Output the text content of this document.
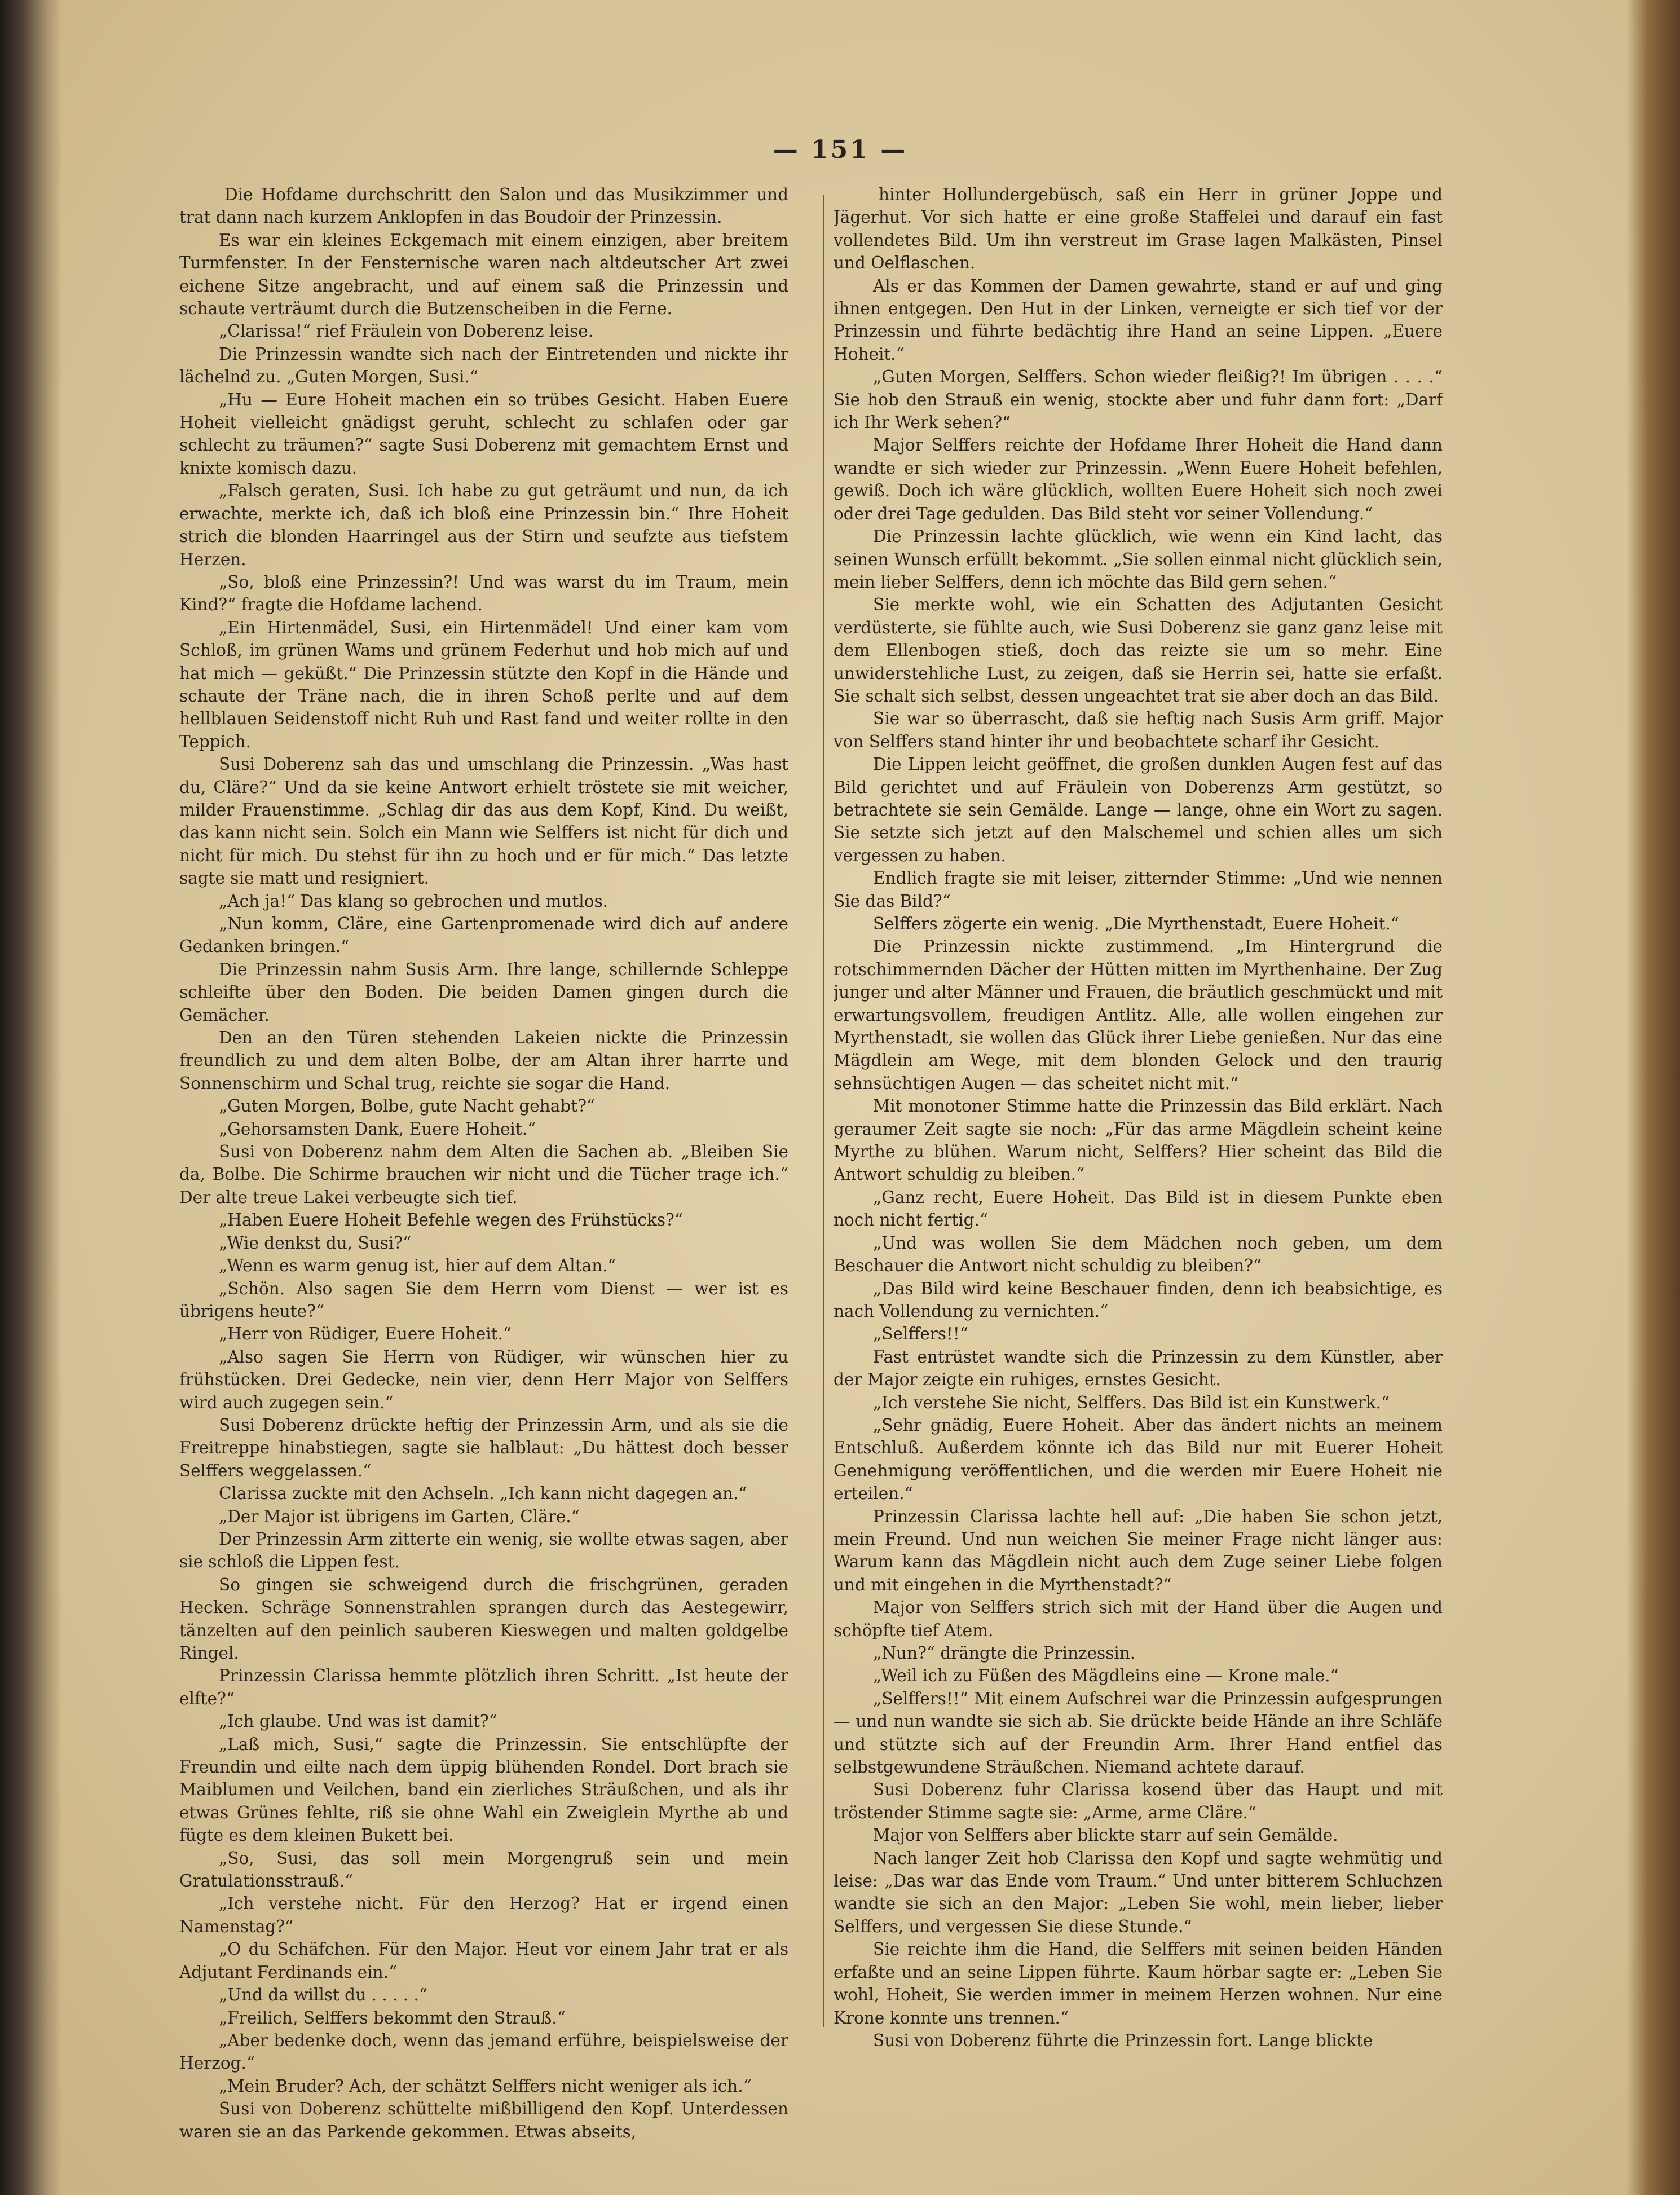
— 151 —

Die Hofdame durchschritt den Salon und das Musikzimmer und trat dann nach kurzem Anklopfen in das Boudoir der Prinzessin.

Es war ein kleines Eckgemach mit einem einzigen, aber breitem Turmfenster. In der Fensternische waren nach altdeutscher Art zwei eichene Sitze angebracht, und auf einem saß die Prinzessin und schaute verträumt durch die Butzenscheiben in die Ferne.

„Clarissa!“ rief Fräulein von Doberenz leise.

Die Prinzessin wandte sich nach der Eintretenden und nickte ihr lächelnd zu. „Guten Morgen, Susi.“

„Hu — Eure Hoheit machen ein so trübes Gesicht. Haben Euere Hoheit vielleicht gnädigst geruht, schlecht zu schlafen oder gar schlecht zu träumen?“ sagte Susi Doberenz mit gemachtem Ernst und knixte komisch dazu.

„Falsch geraten, Susi. Ich habe zu gut geträumt und nun, da ich erwachte, merkte ich, daß ich bloß eine Prinzessin bin.“ Ihre Hoheit strich die blonden Haarringel aus der Stirn und seufzte aus tiefstem Herzen.

„So, bloß eine Prinzessin?! Und was warst du im Traum, mein Kind?“ fragte die Hofdame lachend.

„Ein Hirtenmädel, Susi, ein Hirtenmädel! Und einer kam vom Schloß, im grünen Wams und grünem Federhut und hob mich auf und hat mich — geküßt.“ Die Prinzessin stützte den Kopf in die Hände und schaute der Träne nach, die in ihren Schoß perlte und auf dem hellblauen Seidenstoff nicht Ruh und Rast fand und weiter rollte in den Teppich.

Susi Doberenz sah das und umschlang die Prinzessin. „Was hast du, Cläre?“ Und da sie keine Antwort erhielt tröstete sie mit weicher, milder Frauenstimme. „Schlag dir das aus dem Kopf, Kind. Du weißt, das kann nicht sein. Solch ein Mann wie Selffers ist nicht für dich und nicht für mich. Du stehst für ihn zu hoch und er für mich.“ Das letzte sagte sie matt und resigniert.

„Ach ja!“ Das klang so gebrochen und mutlos.

„Nun komm, Cläre, eine Gartenpromenade wird dich auf andere Gedanken bringen.“

Die Prinzessin nahm Susis Arm. Ihre lange, schillernde Schleppe schleifte über den Boden. Die beiden Damen gingen durch die Gemächer.

Den an den Türen stehenden Lakeien nickte die Prinzessin freundlich zu und dem alten Bolbe, der am Altan ihrer harrte und Sonnenschirm und Schal trug, reichte sie sogar die Hand.

„Guten Morgen, Bolbe, gute Nacht gehabt?“

„Gehorsamsten Dank, Euere Hoheit.“

Susi von Doberenz nahm dem Alten die Sachen ab. „Bleiben Sie da, Bolbe. Die Schirme brauchen wir nicht und die Tücher trage ich.“ Der alte treue Lakei verbeugte sich tief.

„Haben Euere Hoheit Befehle wegen des Frühstücks?“

„Wie denkst du, Susi?“

„Wenn es warm genug ist, hier auf dem Altan.“

„Schön. Also sagen Sie dem Herrn vom Dienst — wer ist es übrigens heute?“

„Herr von Rüdiger, Euere Hoheit.“

„Also sagen Sie Herrn von Rüdiger, wir wünschen hier zu frühstücken. Drei Gedecke, nein vier, denn Herr Major von Selffers wird auch zugegen sein.“

Susi Doberenz drückte heftig der Prinzessin Arm, und als sie die Freitreppe hinabstiegen, sagte sie halblaut: „Du hättest doch besser Selffers weggelassen.“

Clarissa zuckte mit den Achseln. „Ich kann nicht dagegen an.“

„Der Major ist übrigens im Garten, Cläre.“

Der Prinzessin Arm zitterte ein wenig, sie wollte etwas sagen, aber sie schloß die Lippen fest.

So gingen sie schweigend durch die frischgrünen, geraden Hecken. Schräge Sonnenstrahlen sprangen durch das Aestegewirr, tänzelten auf den peinlich sauberen Kieswegen und malten goldgelbe Ringel.

Prinzessin Clarissa hemmte plötzlich ihren Schritt. „Ist heute der elfte?“

„Ich glaube. Und was ist damit?“

„Laß mich, Susi,“ sagte die Prinzessin. Sie entschlüpfte der Freundin und eilte nach dem üppig blühenden Rondel. Dort brach sie Maiblumen und Veilchen, band ein zierliches Sträußchen, und als ihr etwas Grünes fehlte, riß sie ohne Wahl ein Zweiglein Myrthe ab und fügte es dem kleinen Bukett bei.

„So, Susi, das soll mein Morgengruß sein und mein Gratulationsstrauß.“

„Ich verstehe nicht. Für den Herzog? Hat er irgend einen Namenstag?“

„O du Schäfchen. Für den Major. Heut vor einem Jahr trat er als Adjutant Ferdinands ein.“

„Und da willst du . . . . .“

„Freilich, Selffers bekommt den Strauß.“

„Aber bedenke doch, wenn das jemand erführe, beispielsweise der Herzog.“

„Mein Bruder? Ach, der schätzt Selffers nicht weniger als ich.“

Susi von Doberenz schüttelte mißbilligend den Kopf. Unterdessen waren sie an das Parkende gekommen. Etwas abseits,

hinter Hollundergebüsch, saß ein Herr in grüner Joppe und Jägerhut. Vor sich hatte er eine große Staffelei und darauf ein fast vollendetes Bild. Um ihn verstreut im Grase lagen Malkästen, Pinsel und Oelflaschen.

Als er das Kommen der Damen gewahrte, stand er auf und ging ihnen entgegen. Den Hut in der Linken, verneigte er sich tief vor der Prinzessin und führte bedächtig ihre Hand an seine Lippen. „Euere Hoheit.“

„Guten Morgen, Selffers. Schon wieder fleißig?! Im übrigen . . . .“ Sie hob den Strauß ein wenig, stockte aber und fuhr dann fort: „Darf ich Ihr Werk sehen?“

Major Selffers reichte der Hofdame Ihrer Hoheit die Hand dann wandte er sich wieder zur Prinzessin. „Wenn Euere Hoheit befehlen, gewiß. Doch ich wäre glücklich, wollten Euere Hoheit sich noch zwei oder drei Tage gedulden. Das Bild steht vor seiner Vollendung.“

Die Prinzessin lachte glücklich, wie wenn ein Kind lacht, das seinen Wunsch erfüllt bekommt. „Sie sollen einmal nicht glücklich sein, mein lieber Selffers, denn ich möchte das Bild gern sehen.“

Sie merkte wohl, wie ein Schatten des Adjutanten Gesicht verdüsterte, sie fühlte auch, wie Susi Doberenz sie ganz ganz leise mit dem Ellenbogen stieß, doch das reizte sie um so mehr. Eine unwiderstehliche Lust, zu zeigen, daß sie Herrin sei, hatte sie erfaßt. Sie schalt sich selbst, dessen ungeachtet trat sie aber doch an das Bild.

Sie war so überrascht, daß sie heftig nach Susis Arm griff. Major von Selffers stand hinter ihr und beobachtete scharf ihr Gesicht.

Die Lippen leicht geöffnet, die großen dunklen Augen fest auf das Bild gerichtet und auf Fräulein von Doberenzs Arm gestützt, so betrachtete sie sein Gemälde. Lange — lange, ohne ein Wort zu sagen. Sie setzte sich jetzt auf den Malschemel und schien alles um sich vergessen zu haben.

Endlich fragte sie mit leiser, zitternder Stimme: „Und wie nennen Sie das Bild?“

Selffers zögerte ein wenig. „Die Myrthenstadt, Euere Hoheit.“

Die Prinzessin nickte zustimmend. „Im Hintergrund die rotschimmernden Dächer der Hütten mitten im Myrthenhaine. Der Zug junger und alter Männer und Frauen, die bräutlich geschmückt und mit erwartungsvollem, freudigen Antlitz. Alle, alle wollen eingehen zur Myrthenstadt, sie wollen das Glück ihrer Liebe genießen. Nur das eine Mägdlein am Wege, mit dem blonden Gelock und den traurig sehnsüchtigen Augen — das scheitet nicht mit.“

Mit monotoner Stimme hatte die Prinzessin das Bild erklärt. Nach geraumer Zeit sagte sie noch: „Für das arme Mägdlein scheint keine Myrthe zu blühen. Warum nicht, Selffers? Hier scheint das Bild die Antwort schuldig zu bleiben.“

„Ganz recht, Euere Hoheit. Das Bild ist in diesem Punkte eben noch nicht fertig.“

„Und was wollen Sie dem Mädchen noch geben, um dem Beschauer die Antwort nicht schuldig zu bleiben?“

„Das Bild wird keine Beschauer finden, denn ich beabsichtige, es nach Vollendung zu vernichten.“

„Selffers!!“

Fast entrüstet wandte sich die Prinzessin zu dem Künstler, aber der Major zeigte ein ruhiges, ernstes Gesicht.

„Ich verstehe Sie nicht, Selffers. Das Bild ist ein Kunstwerk.“

„Sehr gnädig, Euere Hoheit. Aber das ändert nichts an meinem Entschluß. Außerdem könnte ich das Bild nur mit Euerer Hoheit Genehmigung veröffentlichen, und die werden mir Euere Hoheit nie erteilen.“

Prinzessin Clarissa lachte hell auf: „Die haben Sie schon jetzt, mein Freund. Und nun weichen Sie meiner Frage nicht länger aus: Warum kann das Mägdlein nicht auch dem Zuge seiner Liebe folgen und mit eingehen in die Myrthenstadt?“

Major von Selffers strich sich mit der Hand über die Augen und schöpfte tief Atem.

„Nun?“ drängte die Prinzessin.

„Weil ich zu Füßen des Mägdleins eine — Krone male.“

„Selffers!!“ Mit einem Aufschrei war die Prinzessin aufgesprungen — und nun wandte sie sich ab. Sie drückte beide Hände an ihre Schläfe und stützte sich auf der Freundin Arm. Ihrer Hand entfiel das selbstgewundene Sträußchen. Niemand achtete darauf.

Susi Doberenz fuhr Clarissa kosend über das Haupt und mit tröstender Stimme sagte sie: „Arme, arme Cläre.“

Major von Selffers aber blickte starr auf sein Gemälde.

Nach langer Zeit hob Clarissa den Kopf und sagte wehmütig und leise: „Das war das Ende vom Traum.“ Und unter bitterem Schluchzen wandte sie sich an den Major: „Leben Sie wohl, mein lieber, lieber Selffers, und vergessen Sie diese Stunde.“

Sie reichte ihm die Hand, die Selffers mit seinen beiden Händen erfaßte und an seine Lippen führte. Kaum hörbar sagte er: „Leben Sie wohl, Hoheit, Sie werden immer in meinem Herzen wohnen. Nur eine Krone konnte uns trennen.“

Susi von Doberenz führte die Prinzessin fort. Lange blickte
